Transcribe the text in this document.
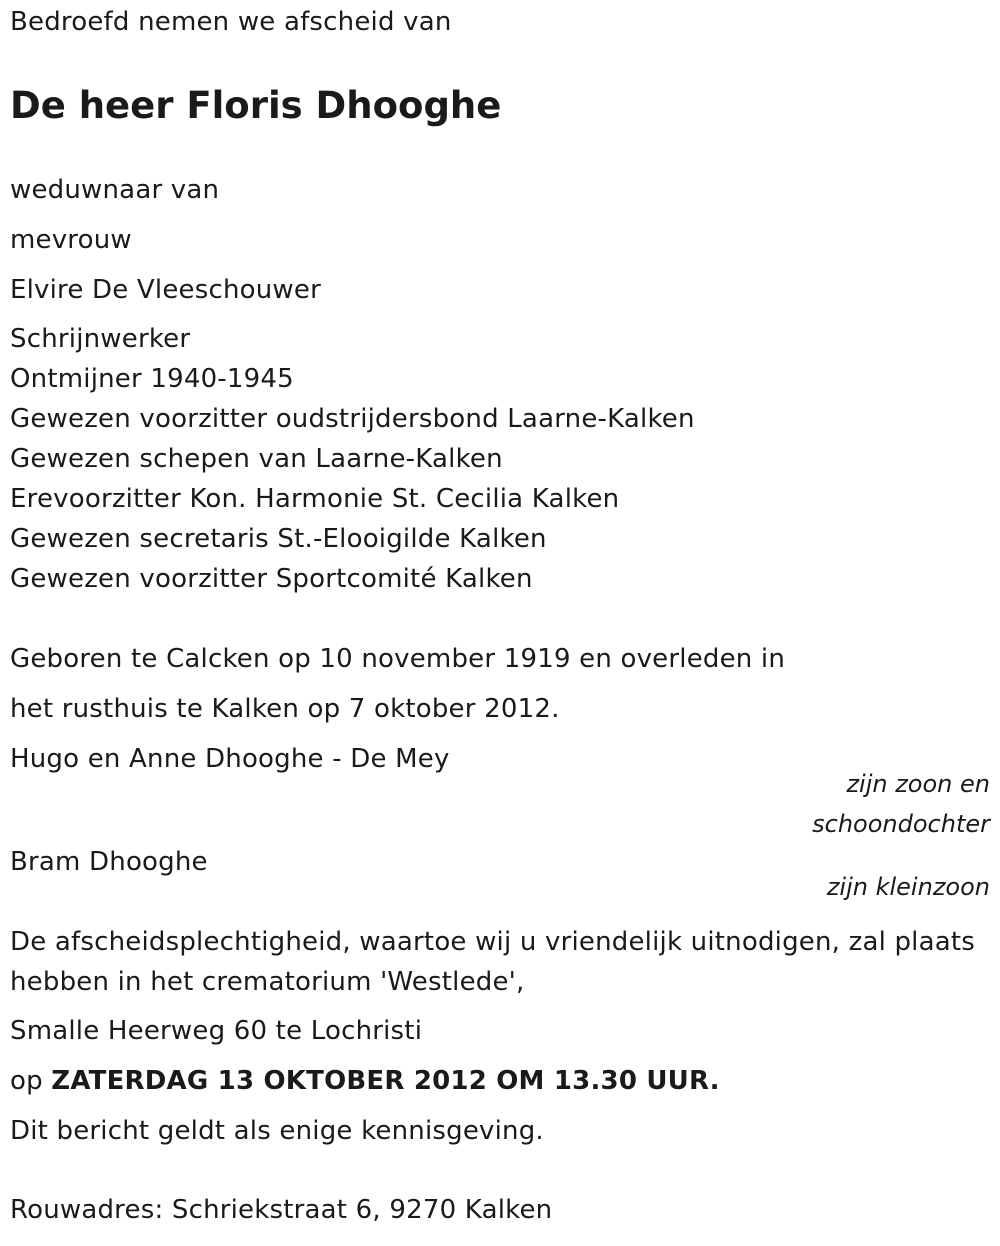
Bedroefd nemen we afscheid van
De heer Floris Dhooghe
weduwnaar van
mevrouw
Elvire De Vleeschouwer
Schrijnwerker
Ontmijner 1940-1945
Gewezen voorzitter oudstrijdersbond Laarne-Kalken
Gewezen schepen van Laarne-Kalken
Erevoorzitter Kon. Harmonie St. Cecilia Kalken
Gewezen secretaris St.-Elooigilde Kalken
Gewezen voorzitter Sportcomité Kalken
Geboren te Calcken op 10 november 1919 en overleden in
het rusthuis te Kalken op 7 oktober 2012.
Hugo en Anne Dhooghe - De Mey
zijn zoon en
schoondochter
Bram Dhooghe
zijn kleinzoon
De afscheidsplechtigheid, waartoe wij u vriendelijk uitnodigen, zal plaats
hebben in het crematorium 'Westlede',
Smalle Heerweg 60 te Lochristi
op ZATERDAG 13 OKTOBER 2012 OM 13.30 UUR.
Dit bericht geldt als enige kennisgeving.
Rouwadres: Schriekstraat 6, 9270 Kalken
